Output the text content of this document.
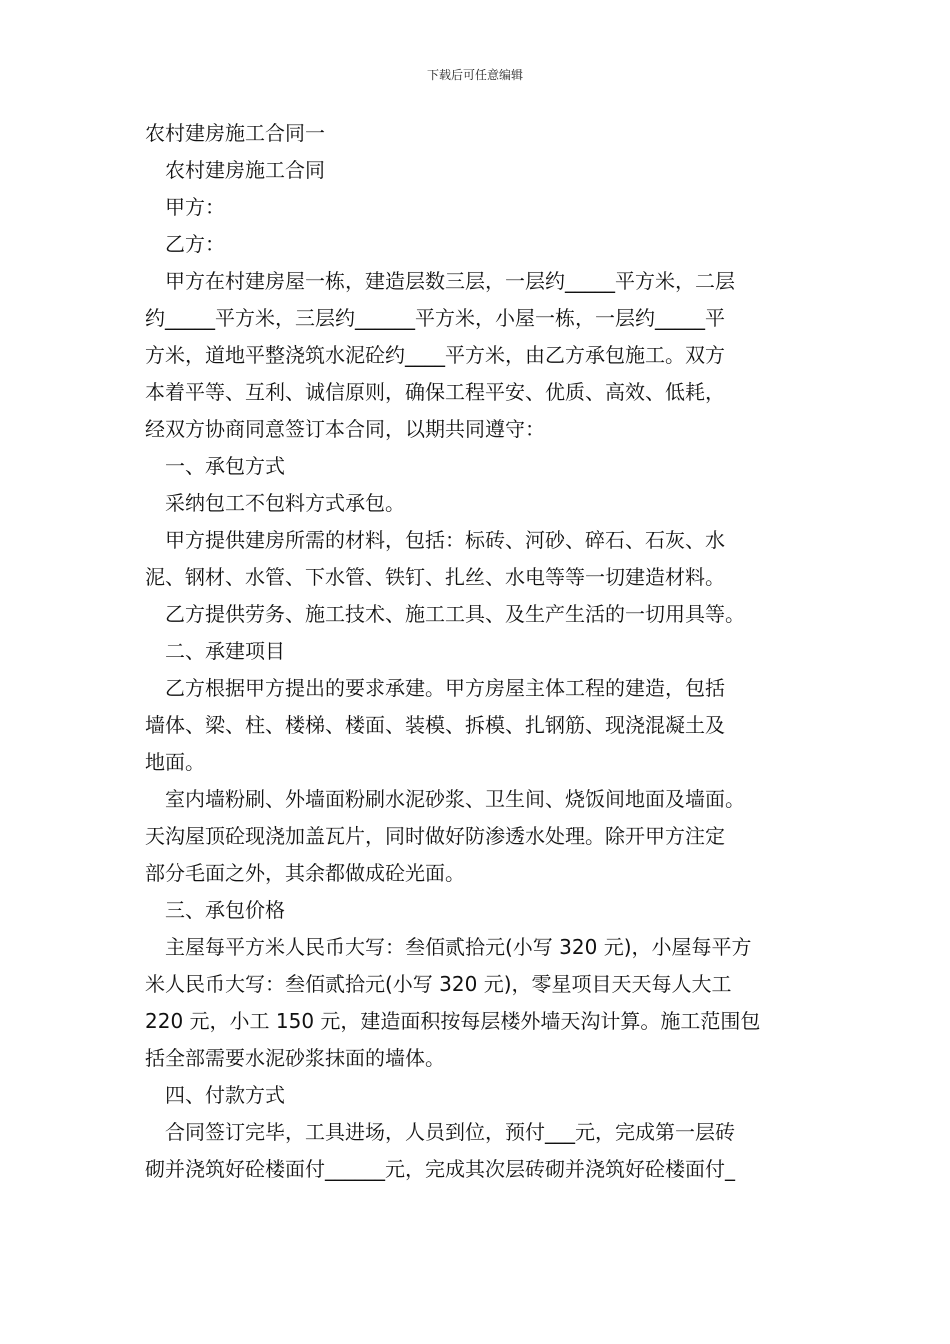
下载后可任意编辑

农村建房施工合同一

农村建房施工合同

甲方：

乙方：

甲方在村建房屋一栋，建造层数三层，一层约_____平方米，二层

约_____平方米，三层约______平方米，小屋一栋，一层约_____平

方米，道地平整浇筑水泥砼约____平方米，由乙方承包施工。双方

本着平等、互利、诚信原则，确保工程平安、优质、高效、低耗，

经双方协商同意签订本合同，以期共同遵守：

一、承包方式

采纳包工不包料方式承包。

甲方提供建房所需的材料，包括：标砖、河砂、碎石、石灰、水

泥、钢材、水管、下水管、铁钉、扎丝、水电等等一切建造材料。

乙方提供劳务、施工技术、施工工具、及生产生活的一切用具等。

二、承建项目

乙方根据甲方提出的要求承建。甲方房屋主体工程的建造，包括

墙体、梁、柱、楼梯、楼面、装模、拆模、扎钢筋、现浇混凝土及

地面。

室内墙粉刷、外墙面粉刷水泥砂浆、卫生间、烧饭间地面及墙面。

天沟屋顶砼现浇加盖瓦片，同时做好防渗透水处理。除开甲方注定

部分毛面之外，其余都做成砼光面。

三、承包价格

主屋每平方米人民币大写：叁佰贰拾元(小写 320 元)，小屋每平方

米人民币大写：叁佰贰拾元(小写 320 元)，零星项目天天每人大工

220 元，小工 150 元，建造面积按每层楼外墙天沟计算。施工范围包

括全部需要水泥砂浆抹面的墙体。

四、付款方式

合同签订完毕，工具进场，人员到位，预付___元，完成第一层砖

砌并浇筑好砼楼面付______元，完成其次层砖砌并浇筑好砼楼面付_
